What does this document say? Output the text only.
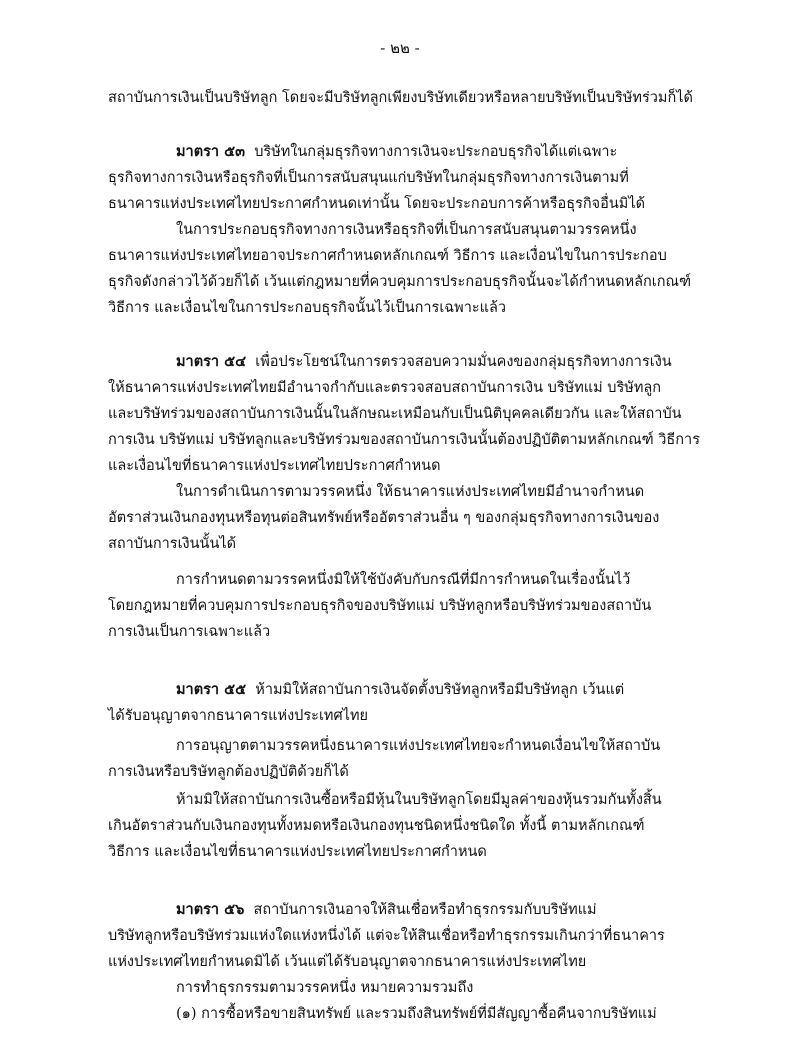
- ๒๒ -
สถาบันการเงินเป็นบริษัทลูก โดยจะมีบริษัทลูกเพียงบริษัทเดียวหรือหลายบริษัทเป็นบริษัทร่วมก็ได้
มาตรา ๕๓ บริษัทในกลุ่มธุรกิจทางการเงินจะประกอบธุรกิจได้แต่เฉพาะ
ธุรกิจทางการเงินหรือธุรกิจที่เป็นการสนับสนุนแก่บริษัทในกลุ่มธุรกิจทางการเงินตามที่
ธนาคารแห่งประเทศไทยประกาศกำหนดเท่านั้น โดยจะประกอบการค้าหรือธุรกิจอื่นมิได้
ในการประกอบธุรกิจทางการเงินหรือธุรกิจที่เป็นการสนับสนุนตามวรรคหนึ่ง
ธนาคารแห่งประเทศไทยอาจประกาศกำหนดหลักเกณฑ์ วิธีการ และเงื่อนไขในการประกอบ
ธุรกิจดังกล่าวไว้ด้วยก็ได้ เว้นแต่กฎหมายที่ควบคุมการประกอบธุรกิจนั้นจะได้กำหนดหลักเกณฑ์
วิธีการ และเงื่อนไขในการประกอบธุรกิจนั้นไว้เป็นการเฉพาะแล้ว
มาตรา ๕๔ เพื่อประโยชน์ในการตรวจสอบความมั่นคงของกลุ่มธุรกิจทางการเงิน
ให้ธนาคารแห่งประเทศไทยมีอำนาจกำกับและตรวจสอบสถาบันการเงิน บริษัทแม่ บริษัทลูก
และบริษัทร่วมของสถาบันการเงินนั้นในลักษณะเหมือนกับเป็นนิติบุคคลเดียวกัน และให้สถาบัน
การเงิน บริษัทแม่ บริษัทลูกและบริษัทร่วมของสถาบันการเงินนั้นต้องปฏิบัติตามหลักเกณฑ์ วิธีการ
และเงื่อนไขที่ธนาคารแห่งประเทศไทยประกาศกำหนด
ในการดำเนินการตามวรรคหนึ่ง ให้ธนาคารแห่งประเทศไทยมีอำนาจกำหนด
อัตราส่วนเงินกองทุนหรือทุนต่อสินทรัพย์หรืออัตราส่วนอื่น ๆ ของกลุ่มธุรกิจทางการเงินของ
สถาบันการเงินนั้นได้
การกำหนดตามวรรคหนึ่งมิให้ใช้บังคับกับกรณีที่มีการกำหนดในเรื่องนั้นไว้
โดยกฎหมายที่ควบคุมการประกอบธุรกิจของบริษัทแม่ บริษัทลูกหรือบริษัทร่วมของสถาบัน
การเงินเป็นการเฉพาะแล้ว
มาตรา ๕๕ ห้ามมิให้สถาบันการเงินจัดตั้งบริษัทลูกหรือมีบริษัทลูก เว้นแต่
ได้รับอนุญาตจากธนาคารแห่งประเทศไทย
การอนุญาตตามวรรคหนึ่งธนาคารแห่งประเทศไทยจะกำหนดเงื่อนไขให้สถาบัน
การเงินหรือบริษัทลูกต้องปฏิบัติด้วยก็ได้
ห้ามมิให้สถาบันการเงินซื้อหรือมีหุ้นในบริษัทลูกโดยมีมูลค่าของหุ้นรวมกันทั้งสิ้น
เกินอัตราส่วนกับเงินกองทุนทั้งหมดหรือเงินกองทุนชนิดหนึ่งชนิดใด ทั้งนี้ ตามหลักเกณฑ์
วิธีการ และเงื่อนไขที่ธนาคารแห่งประเทศไทยประกาศกำหนด
มาตรา ๕๖ สถาบันการเงินอาจให้สินเชื่อหรือทำธุรกรรมกับบริษัทแม่
บริษัทลูกหรือบริษัทร่วมแห่งใดแห่งหนึ่งได้ แต่จะให้สินเชื่อหรือทำธุรกรรมเกินกว่าที่ธนาคาร
แห่งประเทศไทยกำหนดมิได้ เว้นแต่ได้รับอนุญาตจากธนาคารแห่งประเทศไทย
การทำธุรกรรมตามวรรคหนึ่ง หมายความรวมถึง
(๑) การซื้อหรือขายสินทรัพย์ และรวมถึงสินทรัพย์ที่มีสัญญาซื้อคืนจากบริษัทแม่
